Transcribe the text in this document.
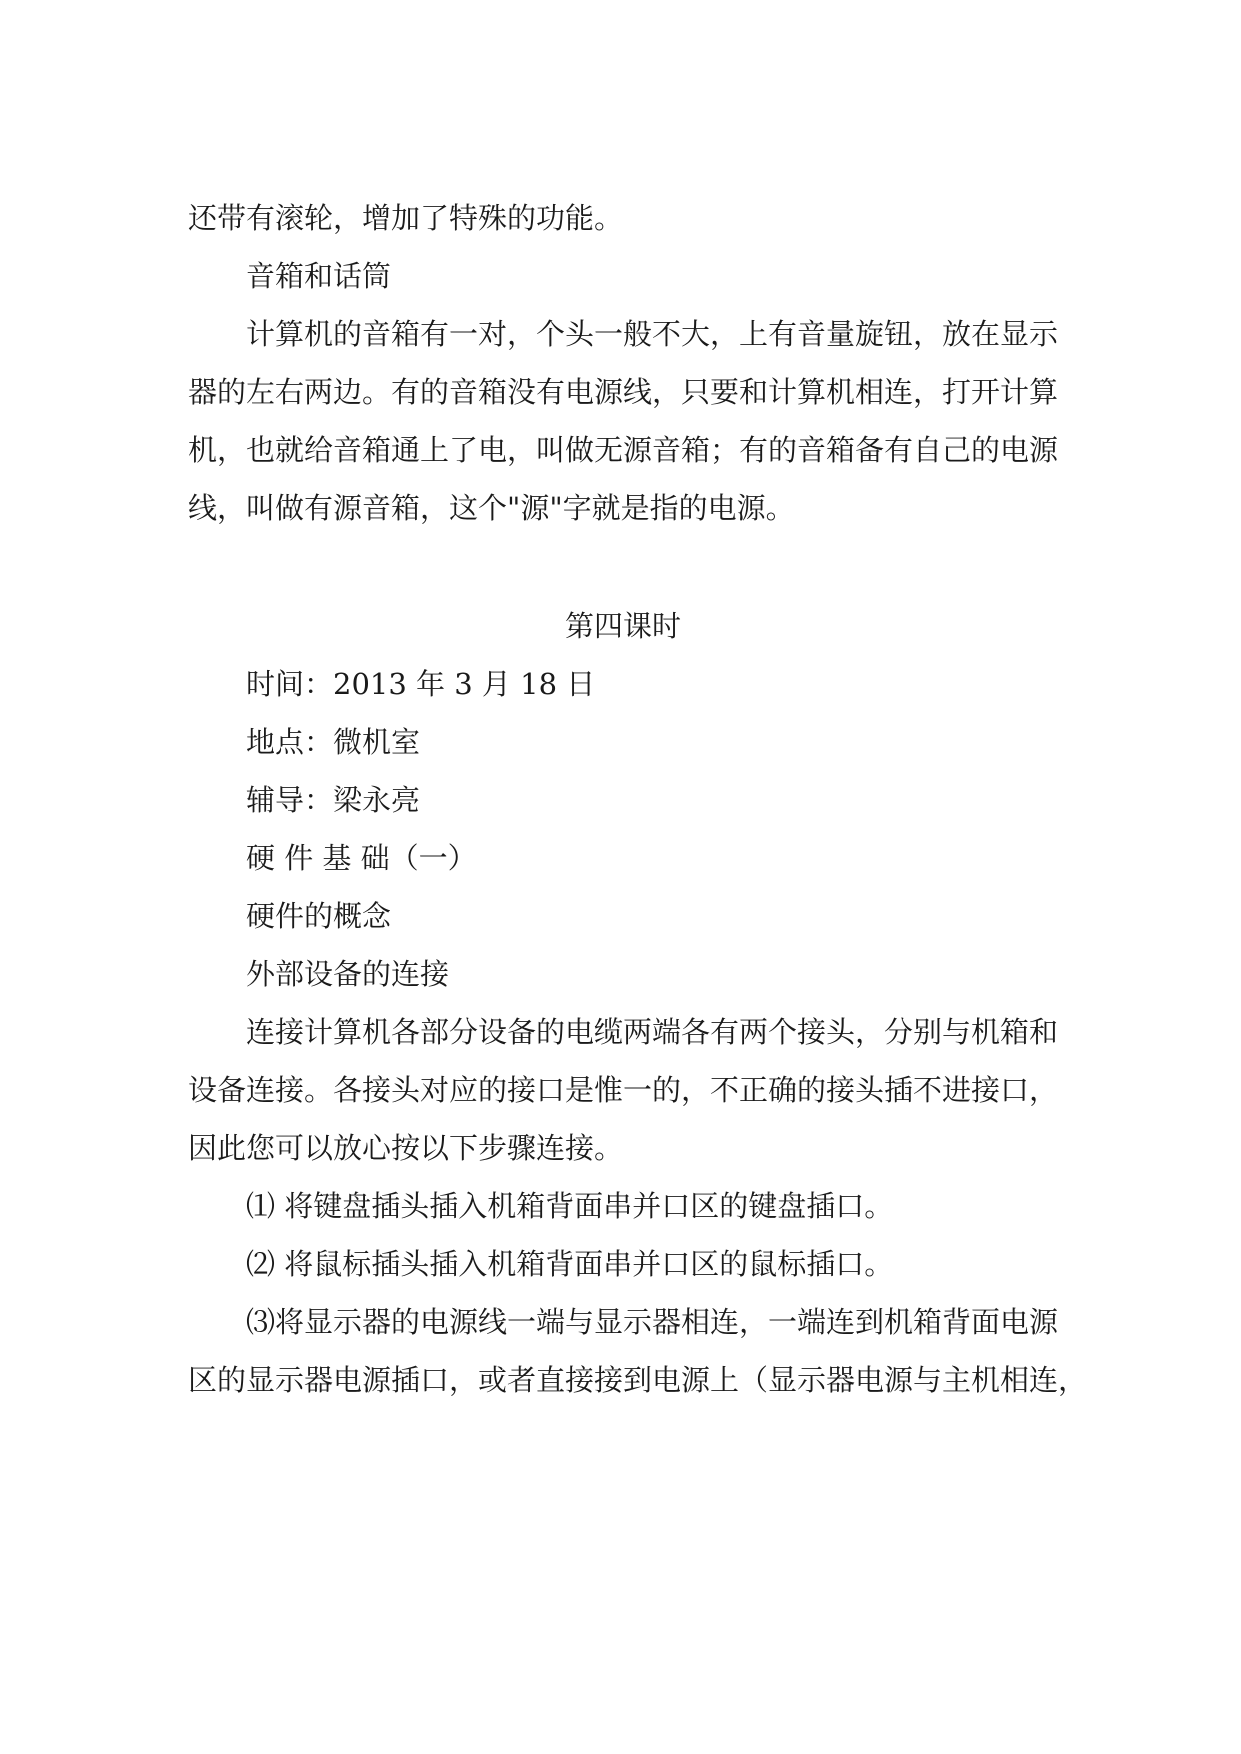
还带有滚轮，增加了特殊的功能。

音箱和话筒

计算机的音箱有一对，个头一般不大，上有音量旋钮，放在显示

器的左右两边。有的音箱没有电源线，只要和计算机相连，打开计算

机，也就给音箱通上了电，叫做无源音箱；有的音箱备有自己的电源

线，叫做有源音箱，这个"源"字就是指的电源。

第四课时

时间：2013 年 3 月 18 日

地点：微机室

辅导：梁永亮

硬 件 基 础（一）

硬件的概念

外部设备的连接

连接计算机各部分设备的电缆两端各有两个接头，分别与机箱和

设备连接。各接头对应的接口是惟一的，不正确的接头插不进接口，

因此您可以放心按以下步骤连接。

⑴ 将键盘插头插入机箱背面串并口区的键盘插口。

⑵ 将鼠标插头插入机箱背面串并口区的鼠标插口。

⑶将显示器的电源线一端与显示器相连，一端连到机箱背面电源

区的显示器电源插口，或者直接接到电源上（显示器电源与主机相连，
